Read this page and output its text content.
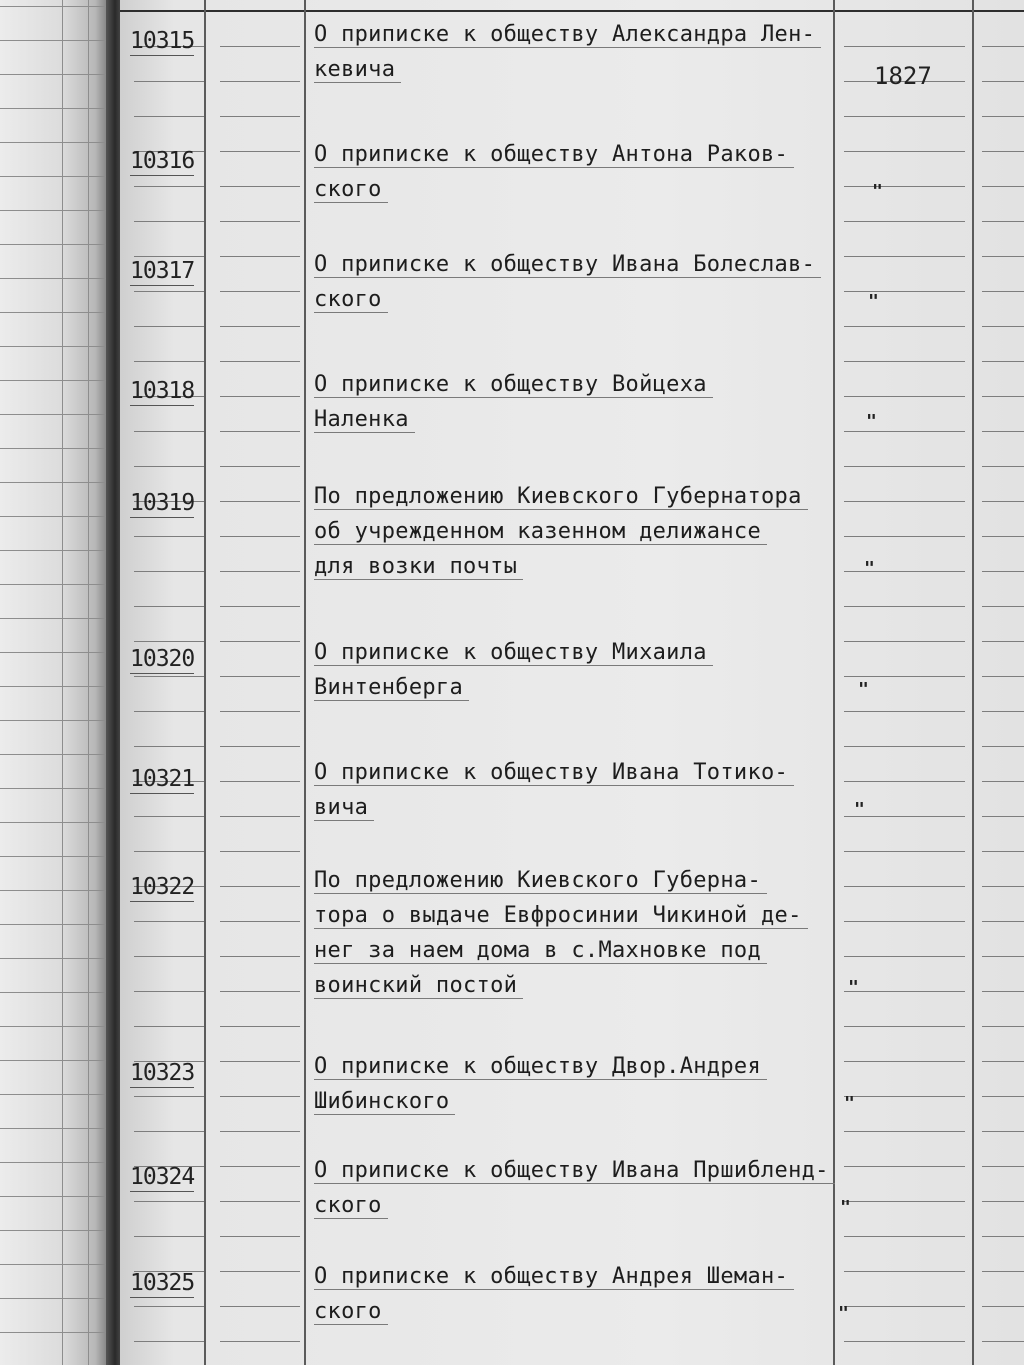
10315	О приписке к обществу Александра Лен-
кевича	1827
10316	О приписке к обществу Антона Раков-
ского	"
10317	О приписке к обществу Ивана Болеслав-
ского	"
10318	О приписке к обществу Войцеха
Наленка	"
10319	По предложению Киевского Губернатора
об учрежденном казенном делижансе
для возки почты	"
10320	О приписке к обществу Михаила
Винтенберга	"
10321	О приписке к обществу Ивана Тотико-
вича	"
10322	По предложению Киевского Губерна-
тора о выдаче Евфросинии Чикиной де-
нег за наем дома в с.Махновке под
воинский постой	"
10323	О приписке к обществу Двор.Андрея
Шибинского	"
10324	О приписке к обществу Ивана Пршибленд-
ского	"
10325	О приписке к обществу Андрея Шеман-
ского	"
